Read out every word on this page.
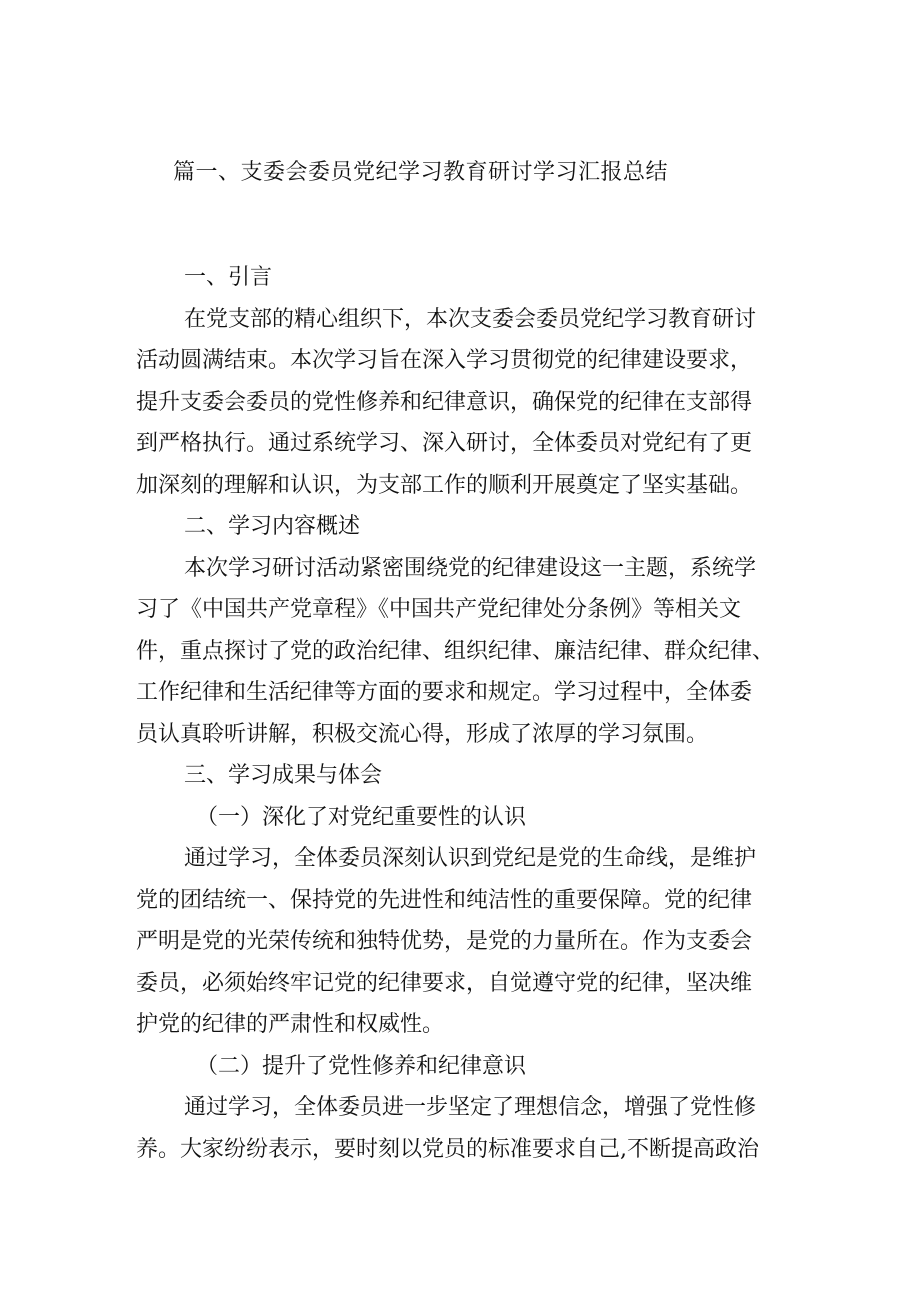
篇一、支委会委员党纪学习教育研讨学习汇报总结
一、引言
在党支部的精心组织下，本次支委会委员党纪学习教育研讨
活动圆满结束。本次学习旨在深入学习贯彻党的纪律建设要求，
提升支委会委员的党性修养和纪律意识，确保党的纪律在支部得
到严格执行。通过系统学习、深入研讨，全体委员对党纪有了更
加深刻的理解和认识，为支部工作的顺利开展奠定了坚实基础。
二、学习内容概述
本次学习研讨活动紧密围绕党的纪律建设这一主题，系统学
习了《中国共产党章程》《中国共产党纪律处分条例》等相关文
件，重点探讨了党的政治纪律、组织纪律、廉洁纪律、群众纪律、
工作纪律和生活纪律等方面的要求和规定。学习过程中，全体委
员认真聆听讲解，积极交流心得，形成了浓厚的学习氛围。
三、学习成果与体会
（一）深化了对党纪重要性的认识
通过学习，全体委员深刻认识到党纪是党的生命线，是维护
党的团结统一、保持党的先进性和纯洁性的重要保障。党的纪律
严明是党的光荣传统和独特优势，是党的力量所在。作为支委会
委员，必须始终牢记党的纪律要求，自觉遵守党的纪律，坚决维
护党的纪律的严肃性和权威性。
（二）提升了党性修养和纪律意识
通过学习，全体委员进一步坚定了理想信念，增强了党性修
养。大家纷纷表示，要时刻以党员的标准要求自己,不断提高政治
